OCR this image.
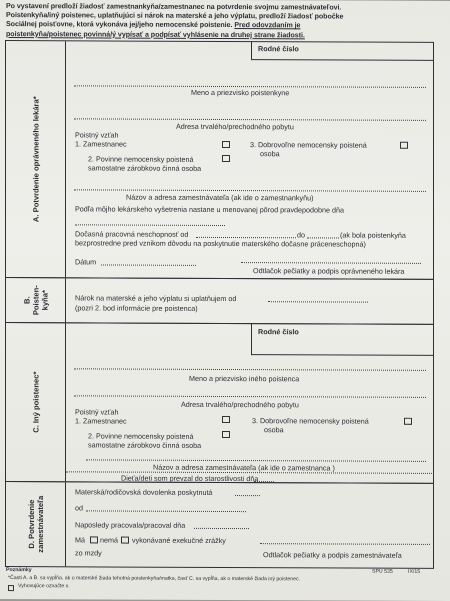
Po vystavení predloží žiadosť zamestnankyňa/zamestnanec na potvrdenie svojmu zamestnávateľovi.
Poistenkyňa/iný poistenec, uplatňujúci si nárok na materské a jeho výplatu, predloží žiadosť pobočke
Sociálnej poisťovne, ktorá vykonáva jej/jeho nemocenské poistenie. Pred odovzdaním je
poistenkyňa/poistenec povinná/ý vypísať a podpísať vyhlásenie na druhej strane žiadosti.
A. Potvrdenie oprávneného lekára*
Rodné číslo
Meno a priezvisko poistenkyne
Adresa trvalého/prechodného pobytu
Poistný vzťah
1. Zamestnanec	3. Dobrovoľne nemocensky poistená
osoba
2. Povinne nemocensky poistená
samostatne zárobkovo činná osoba
Názov a adresa zamestnávateľa (ak ide o zamestnankyňu)
Podľa môjho lekárskeho vyšetrenia nastane u menovanej pôrod pravdepodobne dňa
Dočasná pracovná neschopnosť od	do	(ak bola poistenkyňa
bezprostredne pred vznikom dôvodu na poskytnutie materského dočasne práceneschopná)
Dátum
Odtlačok pečiatky a podpis oprávneného lekára
B. Poisten- kyňa*	Nárok na materské a jeho výplatu si uplatňujem od
(pozri 2. bod informácie pre poistenca)
C. Iný poistenec*
Rodné číslo
Meno a priezvisko iného poistenca
Adresa trvalého/prechodného pobytu
Poistný vzťah
1. Zamestnanec	3. Dobrovoľne nemocensky poistená
osoba
2. Povinne nemocensky poistená
samostatne zárobkovo činná osoba
Názov a adresa zamestnávateľa (ak ide o zamestnanca )
Dieťa/deti som prevzal do starostlivosti dňa
D. Potvrdenie zamestnávateľa
Materská/rodičovská dovolenka poskytnutá
od
Naposledy pracovala/pracoval dňa
Má nemá vykonávané exekučné zrážky
zo mzdy	Odtlačok pečiatky a podpis zamestnávateľa
Poznámky	SPÚ 535	IX/15
*Časti A. a B. sa vypĺňa, ak o materské žiada tehotná poistenkyňa/matka, časť C. sa vypĺňa, ak o materské žiada iný poistenec.
Vyhovujúce označte x.
